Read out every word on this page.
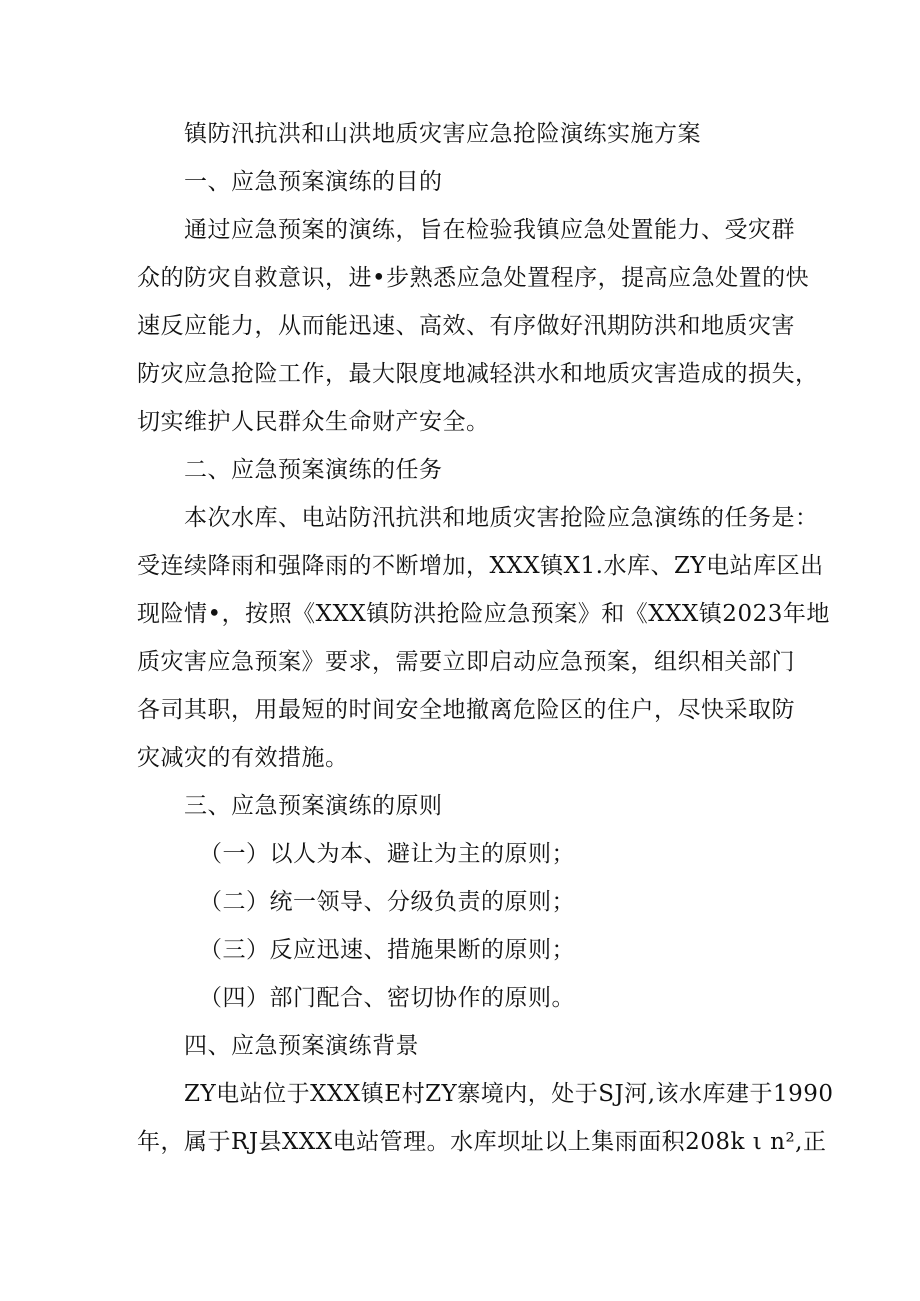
镇防汛抗洪和山洪地质灾害应急抢险演练实施方案
一、应急预案演练的目的
通过应急预案的演练，旨在检验我镇应急处置能力、受灾群
众的防灾自救意识，进•步熟悉应急处置程序，提高应急处置的快
速反应能力，从而能迅速、高效、有序做好汛期防洪和地质灾害
防灾应急抢险工作，最大限度地减轻洪水和地质灾害造成的损失，
切实维护人民群众生命财产安全。
二、应急预案演练的任务
本次水库、电站防汛抗洪和地质灾害抢险应急演练的任务是：
受连续降雨和强降雨的不断增加，XXX镇X1.水库、ZY电站库区出
现险情•，按照《XXX镇防洪抢险应急预案》和《XXX镇2023年地
质灾害应急预案》要求，需要立即启动应急预案，组织相关部门
各司其职，用最短的时间安全地撤离危险区的住户，尽快采取防
灾减灾的有效措施。
三、应急预案演练的原则
（一）以人为本、避让为主的原则；
（二）统一领导、分级负责的原则；
（三）反应迅速、措施果断的原则；
（四）部门配合、密切协作的原则。
四、应急预案演练背景
ZY电站位于XXX镇E村ZY寨境内，处于SJ河,该水库建于1990
年，属于RJ县XXX电站管理。水库坝址以上集雨面积208k ι n²,正
